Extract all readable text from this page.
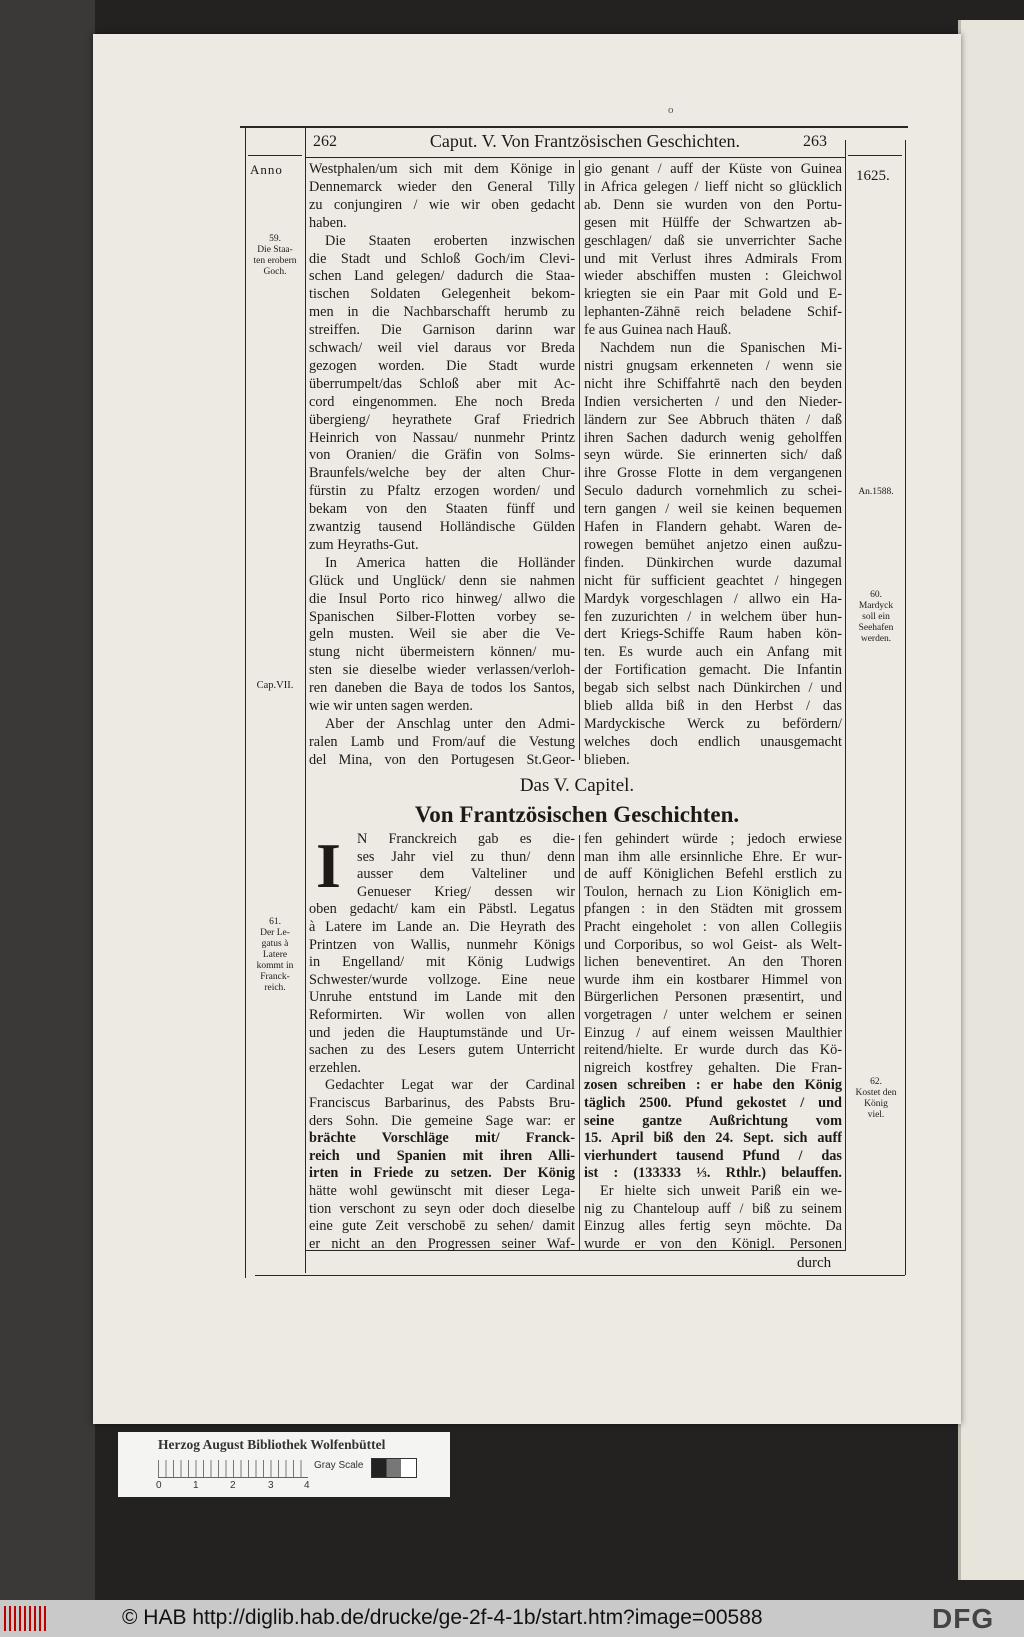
o
262	Caput. V. Von Frantzösischen Geschichten.	263
Anno
59.
Die Staa-
ten erobern
Goch.
Cap.VII.
61.
Der Le-
gatus à
Latere
kommt in
Franck-
reich.
1625.
An.1588.
60.
Mardyck
soll ein
Seehafen
werden.
62.
Kostet den
König
viel.
Das V. Capitel.
Von Frantzösischen Geschichten.
I
Westphalen/um sich mit dem Könige in
Dennemarck wieder den General Tilly
zu conjungiren / wie wir oben gedacht
haben.
Die Staaten eroberten inzwischen
die Stadt und Schloß Goch/im Clevi-
schen Land gelegen/ dadurch die Staa-
tischen Soldaten Gelegenheit bekom-
men in die Nachbarschafft herumb zu
streiffen. Die Garnison darinn war
schwach/ weil viel daraus vor Breda
gezogen worden. Die Stadt wurde
überrumpelt/das Schloß aber mit Ac-
cord eingenommen. Ehe noch Breda
übergieng/ heyrathete Graf Friedrich
Heinrich von Nassau/ nunmehr Printz
von Oranien/ die Gräfin von Solms-
Braunfels/welche bey der alten Chur-
fürstin zu Pfaltz erzogen worden/ und
bekam von den Staaten fünff und
zwantzig tausend Holländische Gülden
zum Heyraths-Gut.
In America hatten die Holländer
Glück und Unglück/ denn sie nahmen
die Insul Porto rico hinweg/ allwo die
Spanischen Silber-Flotten vorbey se-
geln musten. Weil sie aber die Ve-
stung nicht übermeistern können/ mu-
sten sie dieselbe wieder verlassen/verloh-
ren daneben die Baya de todos los Santos,
wie wir unten sagen werden.
Aber der Anschlag unter den Admi-
ralen Lamb und From/auf die Vestung
del Mina, von den Portugesen St.Geor-
gio genant / auff der Küste von Guinea
in Africa gelegen / lieff nicht so glücklich
ab. Denn sie wurden von den Portu-
gesen mit Hülffe der Schwartzen ab-
geschlagen/ daß sie unverrichter Sache
und mit Verlust ihres Admirals From
wieder abschiffen musten : Gleichwol
kriegten sie ein Paar mit Gold und E-
lephanten-Zähnē reich beladene Schif-
fe aus Guinea nach Hauß.
Nachdem nun die Spanischen Mi-
nistri gnugsam erkenneten / wenn sie
nicht ihre Schiffahrtē nach den beyden
Indien versicherten / und den Nieder-
ländern zur See Abbruch thäten / daß
ihren Sachen dadurch wenig geholffen
seyn würde. Sie erinnerten sich/ daß
ihre Grosse Flotte in dem vergangenen
Seculo dadurch vornehmlich zu schei-
tern gangen / weil sie keinen bequemen
Hafen in Flandern gehabt. Waren de-
rowegen bemühet anjetzo einen außzu-
finden. Dünkirchen wurde dazumal
nicht für sufficient geachtet / hingegen
Mardyk vorgeschlagen / allwo ein Ha-
fen zuzurichten / in welchem über hun-
dert Kriegs-Schiffe Raum haben kön-
ten. Es wurde auch ein Anfang mit
der Fortification gemacht. Die Infantin
begab sich selbst nach Dünkirchen / und
blieb allda biß in den Herbst / das
Mardyckische Werck zu befördern/
welches doch endlich unausgemacht
blieben.
N Franckreich gab es die-
ses Jahr viel zu thun/ denn
ausser dem Valteliner und
Genueser Krieg/ dessen wir
oben gedacht/ kam ein Päbstl. Legatus
à Latere im Lande an. Die Heyrath des
Printzen von Wallis, nunmehr Königs
in Engelland/ mit König Ludwigs
Schwester/wurde vollzoge. Eine neue
Unruhe entstund im Lande mit den
Reformirten. Wir wollen von allen
und jeden die Hauptumstände und Ur-
sachen zu des Lesers gutem Unterricht
erzehlen.
Gedachter Legat war der Cardinal
Franciscus Barbarinus, des Pabsts Bru-
ders Sohn. Die gemeine Sage war: er
brächte Vorschläge mit/ Franck-
reich und Spanien mit ihren Alli-
irten in Friede zu setzen. Der König
hätte wohl gewünscht mit dieser Lega-
tion verschont zu seyn oder doch dieselbe
eine gute Zeit verschobē zu sehen/ damit
er nicht an den Progressen seiner Waf-
fen gehindert würde ; jedoch erwiese
man ihm alle ersinnliche Ehre. Er wur-
de auff Königlichen Befehl erstlich zu
Toulon, hernach zu Lion Königlich em-
pfangen : in den Städten mit grossem
Pracht eingeholet : von allen Collegiis
und Corporibus, so wol Geist- als Welt-
lichen beneventiret. An den Thoren
wurde ihm ein kostbarer Himmel von
Bürgerlichen Personen præsentirt, und
vorgetragen / unter welchem er seinen
Einzug / auf einem weissen Maulthier
reitend/hielte. Er wurde durch das Kö-
nigreich kostfrey gehalten. Die Fran-
zosen schreiben : er habe den König
täglich 2500. Pfund gekostet / und
seine gantze Außrichtung vom
15. April biß den 24. Sept. sich auff
vierhundert tausend Pfund / das
ist : (133333 ⅓. Rthlr.) belauffen.
Er hielte sich unweit Pariß ein we-
nig zu Chanteloup auff / biß zu seinem
Einzug alles fertig seyn möchte. Da
wurde er von den Königl. Personen
durch
Herzog August Bibliothek Wolfenbüttel
0	1	2	3	4
Gray Scale
© HAB http://diglib.hab.de/drucke/ge-2f-4-1b/start.htm?image=00588	DFG
